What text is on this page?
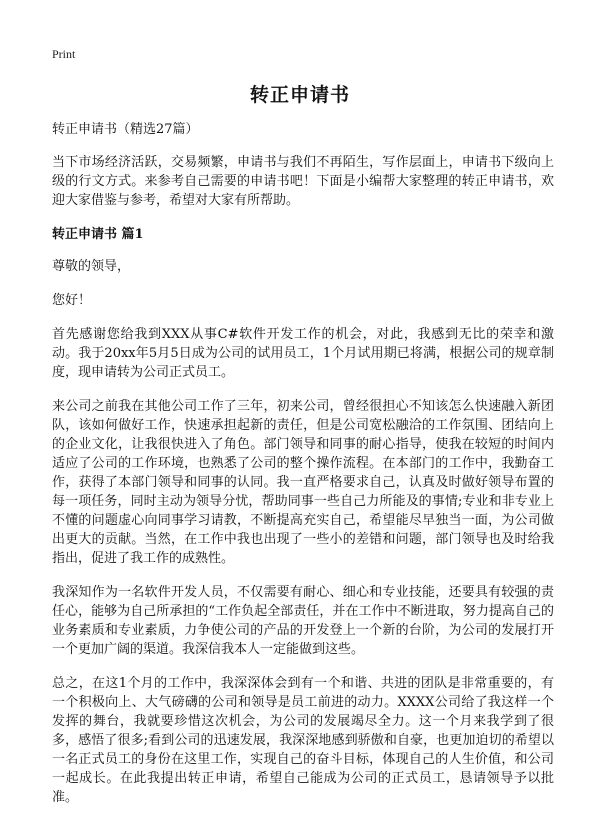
Print
转正申请书

转正申请书（精选27篇）

当下市场经济活跃，交易频繁，申请书与我们不再陌生，写作层面上，申请书下级向上级的行文方式。来参考自己需要的申请书吧！下面是小编帮大家整理的转正申请书，欢迎大家借鉴与参考，希望对大家有所帮助。

转正申请书 篇1

尊敬的领导，

您好！

首先感谢您给我到XXX从事C#软件开发工作的机会，对此，我感到无比的荣幸和激动。我于20xx年5月5日成为公司的试用员工，1个月试用期已将满，根据公司的规章制度，现申请转为公司正式员工。

来公司之前我在其他公司工作了三年，初来公司，曾经很担心不知该怎么快速融入新团队，该如何做好工作，快速承担起新的责任，但是公司宽松融洽的工作氛围、团结向上的企业文化，让我很快进入了角色。部门领导和同事的耐心指导，使我在较短的时间内适应了公司的工作环境，也熟悉了公司的整个操作流程。在本部门的工作中，我勤奋工作，获得了本部门领导和同事的认同。我一直严格要求自己，认真及时做好领导布置的每一项任务，同时主动为领导分忧，帮助同事一些自己力所能及的事情;专业和非专业上不懂的问题虚心向同事学习请教，不断提高充实自己，希望能尽早独当一面，为公司做出更大的贡献。当然，在工作中我也出现了一些小的差错和问题，部门领导也及时给我指出，促进了我工作的成熟性。

我深知作为一名软件开发人员，不仅需要有耐心、细心和专业技能，还要具有较强的责任心，能够为自己所承担的“工作负起全部责任，并在工作中不断进取，努力提高自己的业务素质和专业素质，力争使公司的产品的开发登上一个新的台阶，为公司的发展打开一个更加广阔的渠道。我深信我本人一定能做到这些。

总之，在这1个月的工作中，我深深体会到有一个和谐、共进的团队是非常重要的，有一个积极向上、大气磅礴的公司和领导是员工前进的动力。XXXX公司给了我这样一个发挥的舞台，我就要珍惜这次机会，为公司的发展竭尽全力。这一个月来我学到了很多，感悟了很多;看到公司的迅速发展，我深深地感到骄傲和自豪，也更加迫切的希望以一名正式员工的身份在这里工作，实现自己的奋斗目标，体现自己的人生价值，和公司一起成长。在此我提出转正申请，希望自己能成为公司的正式员工，恳请领导予以批准。
